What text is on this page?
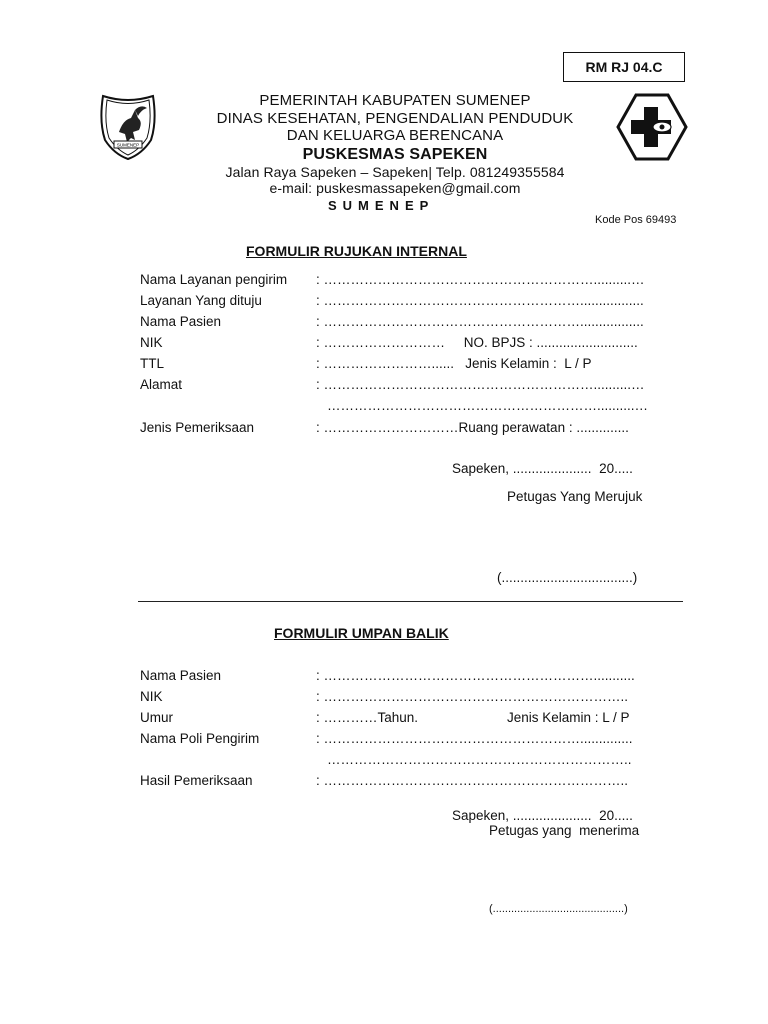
RM RJ 04.C
SUMENEP
PEMERINTAH KABUPATEN SUMENEP
DINAS KESEHATAN, PENGENDALIAN PENDUDUK
DAN KELUARGA BERENCANA
PUSKESMAS SAPEKEN
Jalan Raya Sapeken – Sapeken| Telp. 081249355584
e-mail: puskesmassapeken@gmail.com
SUMENEP
Kode Pos 69493
FORMULIR RUJUKAN INTERNAL
Nama Layanan pengirim : ……………………………………………………..........…
Layanan Yang dituju	: ………………………………………………….................
Nama Pasien	: ………………………………………………….................
NIK	: ………………………     NO. BPJS : ...........................
TTL	: ……………………......   Jenis Kelamin :  L / P
Alamat	: ……………………………………………………..........…
……………………………………………………..........…
Jenis Pemeriksaan	: …………………………Ruang perawatan : ..............
Sapeken, .....................  20.....
Petugas Yang Merujuk
(...................................)
FORMULIR UMPAN BALIK
Nama Pasien	: ……………………………………………………...........
NIK	: …………………………………………………………..
Umur	: …………Tahun.	Jenis Kelamin : L / P
Nama Poli Pengirim	: …………………………………………………..............
…………………………………………………………..
Hasil Pemeriksaan	: …………………………………………………………..
Sapeken, .....................  20.....
Petugas yang  menerima
(...........................................)
